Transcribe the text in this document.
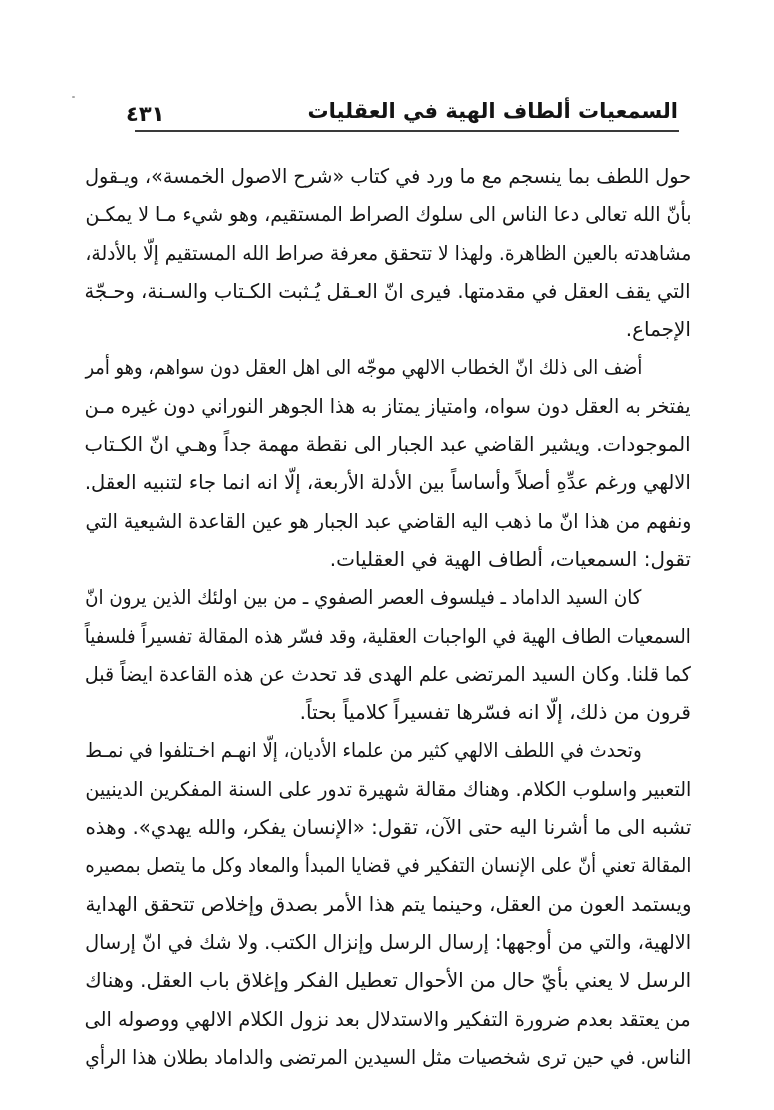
٤٣١	السمعيات ألطاف الهية في العقليات
حول اللطف بما ينسجم مع ما ورد في كتاب «شرح الاصول الخمسة»، ويـقول
بأنّ الله تعالى دعا الناس الى سلوك الصراط المستقيم، وهو شيء مـا لا يمكـن
مشاهدته بالعين الظاهرة. ولهذا لا تتحقق معرفة صراط الله المستقيم إلّا بالأدلة،
التي يقف العقل في مقدمتها. فيرى انّ العـقل يُـثبت الكـتاب والسـنة، وحـجّة
الإجماع.
أضف الى ذلك انّ الخطاب الالهي موجّه الى اهل العقل دون سواهم، وهو أمر
يفتخر به العقل دون سواه، وامتياز يمتاز به هذا الجوهر النوراني دون غيره مـن
الموجودات. ويشير القاضي عبد الجبار الى نقطة مهمة جداً وهـي انّ الكـتاب
الالهي ورغم عدِّهِ أصلاً وأساساً بين الأدلة الأربعة، إلّا انه انما جاء لتنبيه العقل.
ونفهم من هذا انّ ما ذهب اليه القاضي عبد الجبار هو عين القاعدة الشيعية التي
تقول: السمعيات، ألطاف الهية في العقليات.
كان السيد الداماد ـ فيلسوف العصر الصفوي ـ من بين اولئك الذين يرون انّ
السمعيات الطاف الهية في الواجبات العقلية، وقد فسّر هذه المقالة تفسيراً فلسفياً
كما قلنا. وكان السيد المرتضى علم الهدى قد تحدث عن هذه القاعدة ايضاً قبل
قرون من ذلك، إلّا انه فسّرها تفسيراً كلامياً بحتاً.
وتحدث في اللطف الالهي كثير من علماء الأديان، إلّا انهـم اخـتلفوا في نمـط
التعبير واسلوب الكلام. وهناك مقالة شهيرة تدور على السنة المفكرين الدينيين
تشبه الى ما أشرنا اليه حتى الآن، تقول: «الإنسان يفكر، والله يهدي». وهذه
المقالة تعني أنّ على الإنسان التفكير في قضايا المبدأ والمعاد وكل ما يتصل بمصيره
ويستمد العون من العقل، وحينما يتم هذا الأمر بصدق وإخلاص تتحقق الهداية
الالهية، والتي من أوجهها: إرسال الرسل وإنزال الكتب. ولا شك في انّ إرسال
الرسل لا يعني بأيّ حال من الأحوال تعطيل الفكر وإغلاق باب العقل. وهناك
من يعتقد بعدم ضرورة التفكير والاستدلال بعد نزول الكلام الالهي ووصوله الى
الناس. في حين ترى شخصيات مثل السيدين المرتضى والداماد بطلان هذا الرأي
